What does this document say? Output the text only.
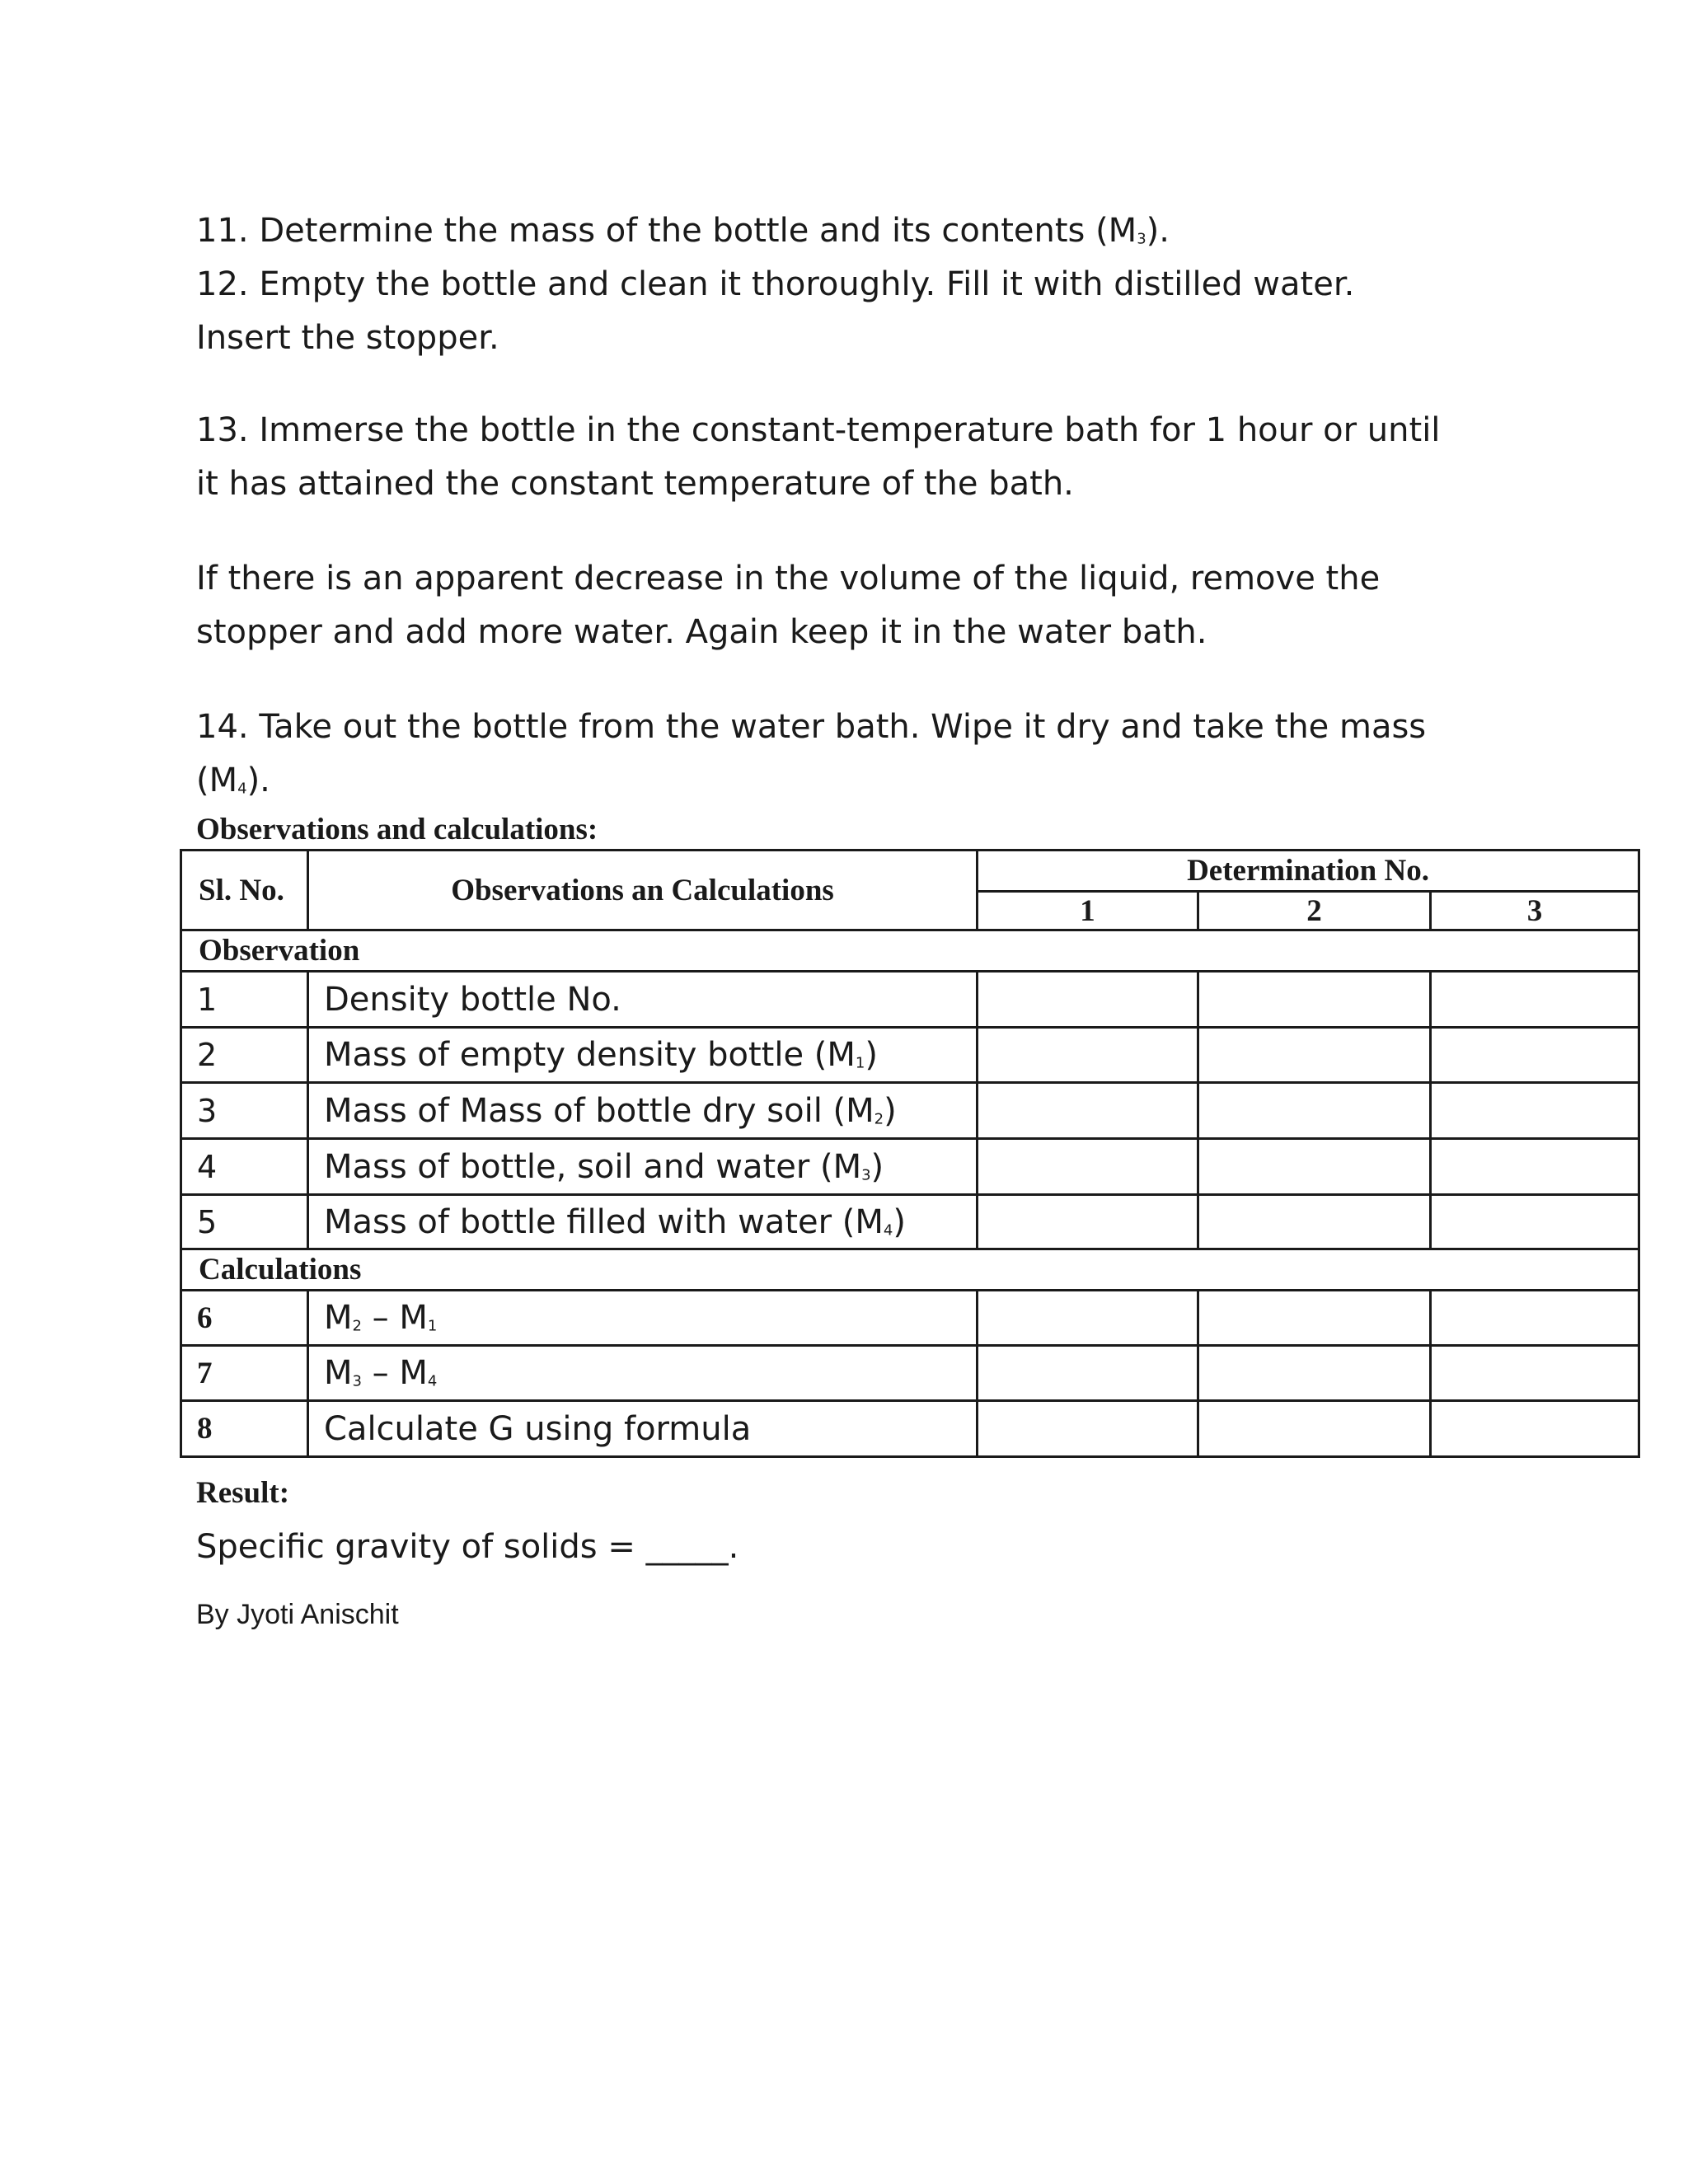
11. Determine the mass of the bottle and its contents $(M_3)$.

12. Empty the bottle and clean it thoroughly. Fill it with distilled water.

Insert the stopper.

13. Immerse the bottle in the constant-temperature bath for 1 hour or until

it has attained the constant temperature of the bath.

If there is an apparent decrease in the volume of the liquid, remove the

stopper and add more water. Again keep it in the water bath.

14. Take out the bottle from the water bath. Wipe it dry and take the mass

$(M_4)$.

Observations and calculations:

Sl. No.	Observations an Calculations	Determination No.		
		1	2	3
Observation				
1	Density bottle No.			
2	Mass of empty density bottle $(M_1)$			
3	Mass of Mass of bottle dry soil $(M_2)$			
4	Mass of bottle, soil and water $(M_3)$			
5	Mass of bottle filled with water $(M_4)$			
Calculations				
6	$M_2 - M_1$			
7	$M_3 - M_4$			
8	Calculate G using formula			

Result:

Specific gravity of solids = _____.

By Jyoti Anischit
